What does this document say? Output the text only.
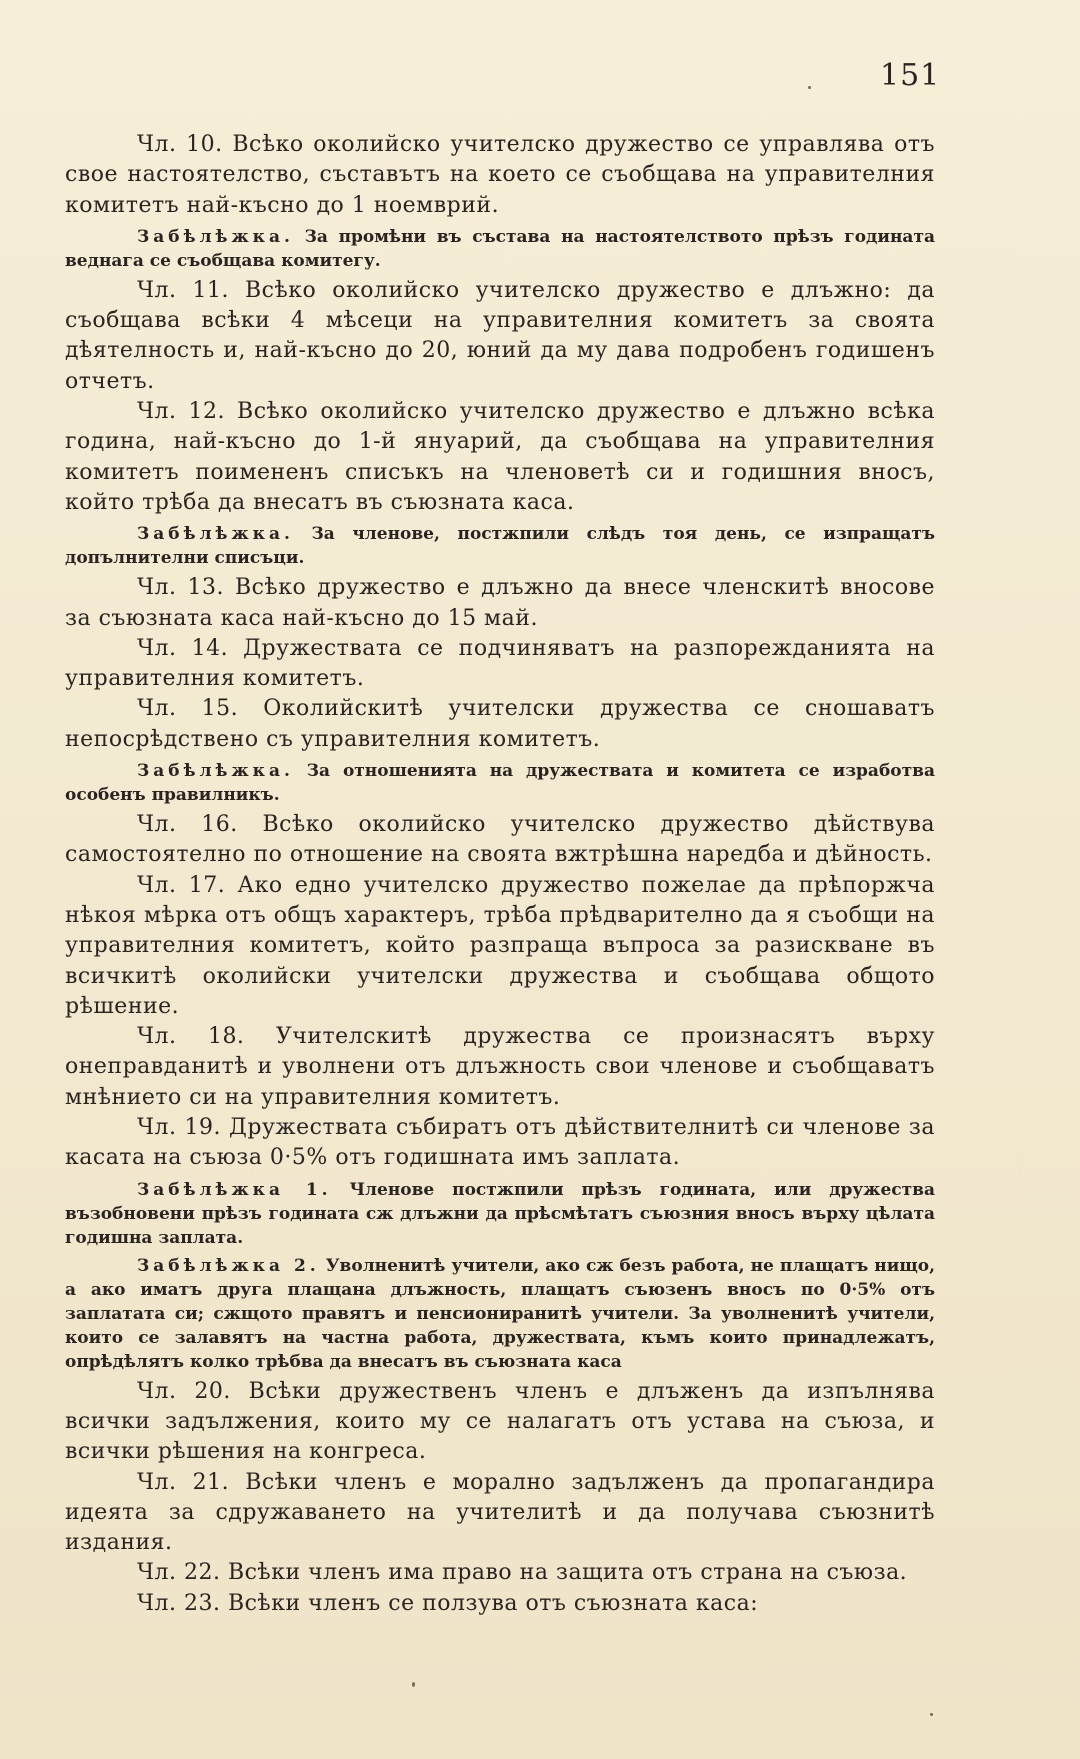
151

Чл. 10. Всѣко околийско учителско дружество се управлява отъ свое настоятелство, съставътъ на което се съобщава на управителния комитетъ най-късно до 1 ноемврий.

Забѣлѣжка. За промѣни въ състава на настоятелството прѣзъ годината веднага се съобщава комитегу.

Чл. 11. Всѣко околийско учителско дружество е длъжно: да съобщава всѣки 4 мѣсеци на управителния комитетъ за своята дѣятелность и, най-късно до 20, юний да му дава подробенъ годишенъ отчетъ.

Чл. 12. Всѣко околийско учителско дружество е длъжно всѣка година, най-късно до 1-й януарий, да съобщава на управителния комитетъ поимененъ списъкъ на членоветѣ си и годишния вносъ, който трѣба да внесатъ въ съюзната каса.

Забѣлѣжка. За членове, постжпили слѣдъ тоя день, се изпращатъ допълнителни списъци.

Чл. 13. Всѣко дружество е длъжно да внесе членскитѣ вносове за съюзната каса най-късно до 15 май.

Чл. 14. Дружествата се подчиняватъ на разпорежданията на управителния комитетъ.

Чл. 15. Околийскитѣ учителски дружества се сношаватъ непосрѣдствено съ управителния комитетъ.

Забѣлѣжка. За отношенията на дружествата и комитета се изработва особенъ правилникъ.

Чл. 16. Всѣко околийско учителско дружество дѣйствува самостоятелно по отношение на своята вжтрѣшна наредба и дѣйность.

Чл. 17. Ако едно учителско дружество пожелае да прѣпоржча нѣкоя мѣрка отъ общъ характеръ, трѣба прѣдварително да я съобщи на управителния комитетъ, който разпраща въпроса за разискване въ всичкитѣ околийски учителски дружества и съобщава общото рѣшение.

Чл. 18. Учителскитѣ дружества се произнасятъ върху онеправданитѣ и уволнени отъ длъжность свои членове и съобщаватъ мнѣнието си на управителния комитетъ.

Чл. 19. Дружествата събиратъ отъ дѣйствителнитѣ си членове за касата на съюза 0·5% отъ годишната имъ заплата.

Забѣлѣжка 1. Членове постжпили прѣзъ годината, или дружества възобновени прѣзъ годината сж длъжни да прѣсмѣтатъ съюзния вносъ върху цѣлата годишна заплата.

Забѣлѣжка 2. Уволненитѣ учители, ако сж безъ работа, не плащатъ нищо, а ако иматъ друга плащана длъжность, плащатъ съюзенъ вносъ по 0·5% отъ заплатата си; сжщото правятъ и пенсиониранитѣ учители. За уволненитѣ учители, които се залавятъ на частна работа, дружествата, къмъ които принадлежатъ, опрѣдѣлятъ колко трѣбва да внесатъ въ съюзната каса

Чл. 20. Всѣки дружественъ членъ е длъженъ да изпълнява всички задължения, които му се налагатъ отъ устава на съюза, и всички рѣшения на конгреса.

Чл. 21. Всѣки членъ е морално задълженъ да пропагандира идеята за сдружаването на учителитѣ и да получава съюзнитѣ издания.

Чл. 22. Всѣки членъ има право на защита отъ страна на съюза.

Чл. 23. Всѣки членъ се ползува отъ съюзната каса:
